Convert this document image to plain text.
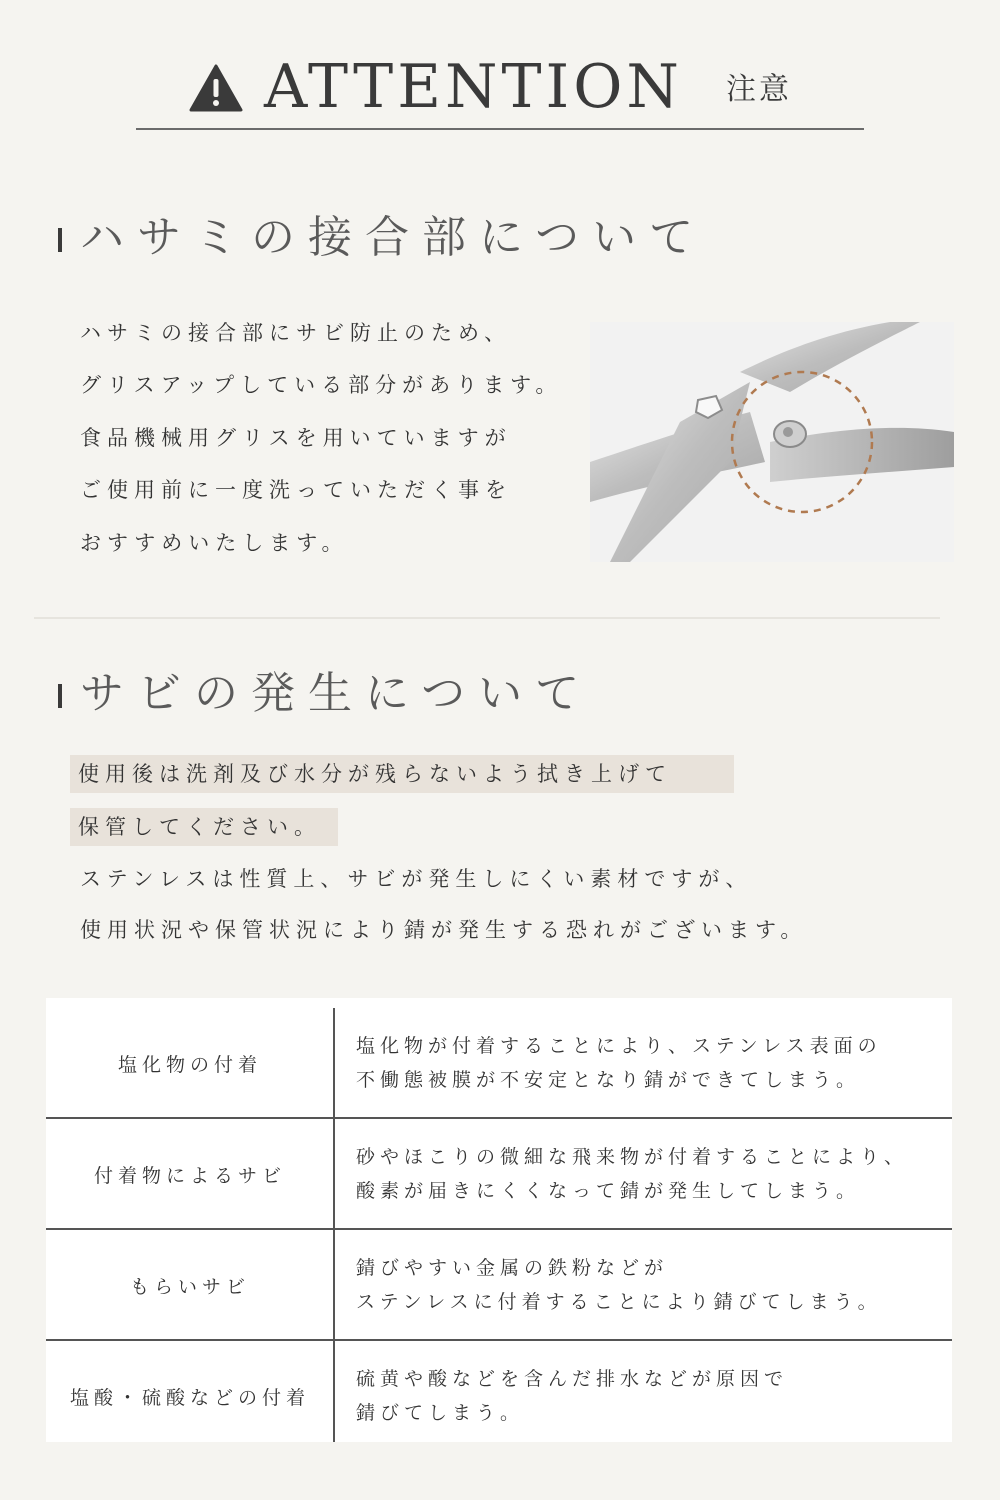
ATTENTION 注意
ハサミの接合部について
ハサミの接合部にサビ防止のため、
グリスアップしている部分があります。
食品機械用グリスを用いていますが
ご使用前に一度洗っていただく事を
おすすめいたします。
サビの発生について
使用後は洗剤及び水分が残らないよう拭き上げて
保管してください。
ステンレスは性質上、サビが発生しにくい素材ですが、
使用状況や保管状況により錆が発生する恐れがございます。
塩化物の付着
塩化物が付着することにより、ステンレス表面の
不働態被膜が不安定となり錆ができてしまう。
付着物によるサビ
砂やほこりの微細な飛来物が付着することにより、
酸素が届きにくくなって錆が発生してしまう。
もらいサビ
錆びやすい金属の鉄粉などが
ステンレスに付着することにより錆びてしまう。
塩酸・硫酸などの付着
硫黄や酸などを含んだ排水などが原因で
錆びてしまう。
